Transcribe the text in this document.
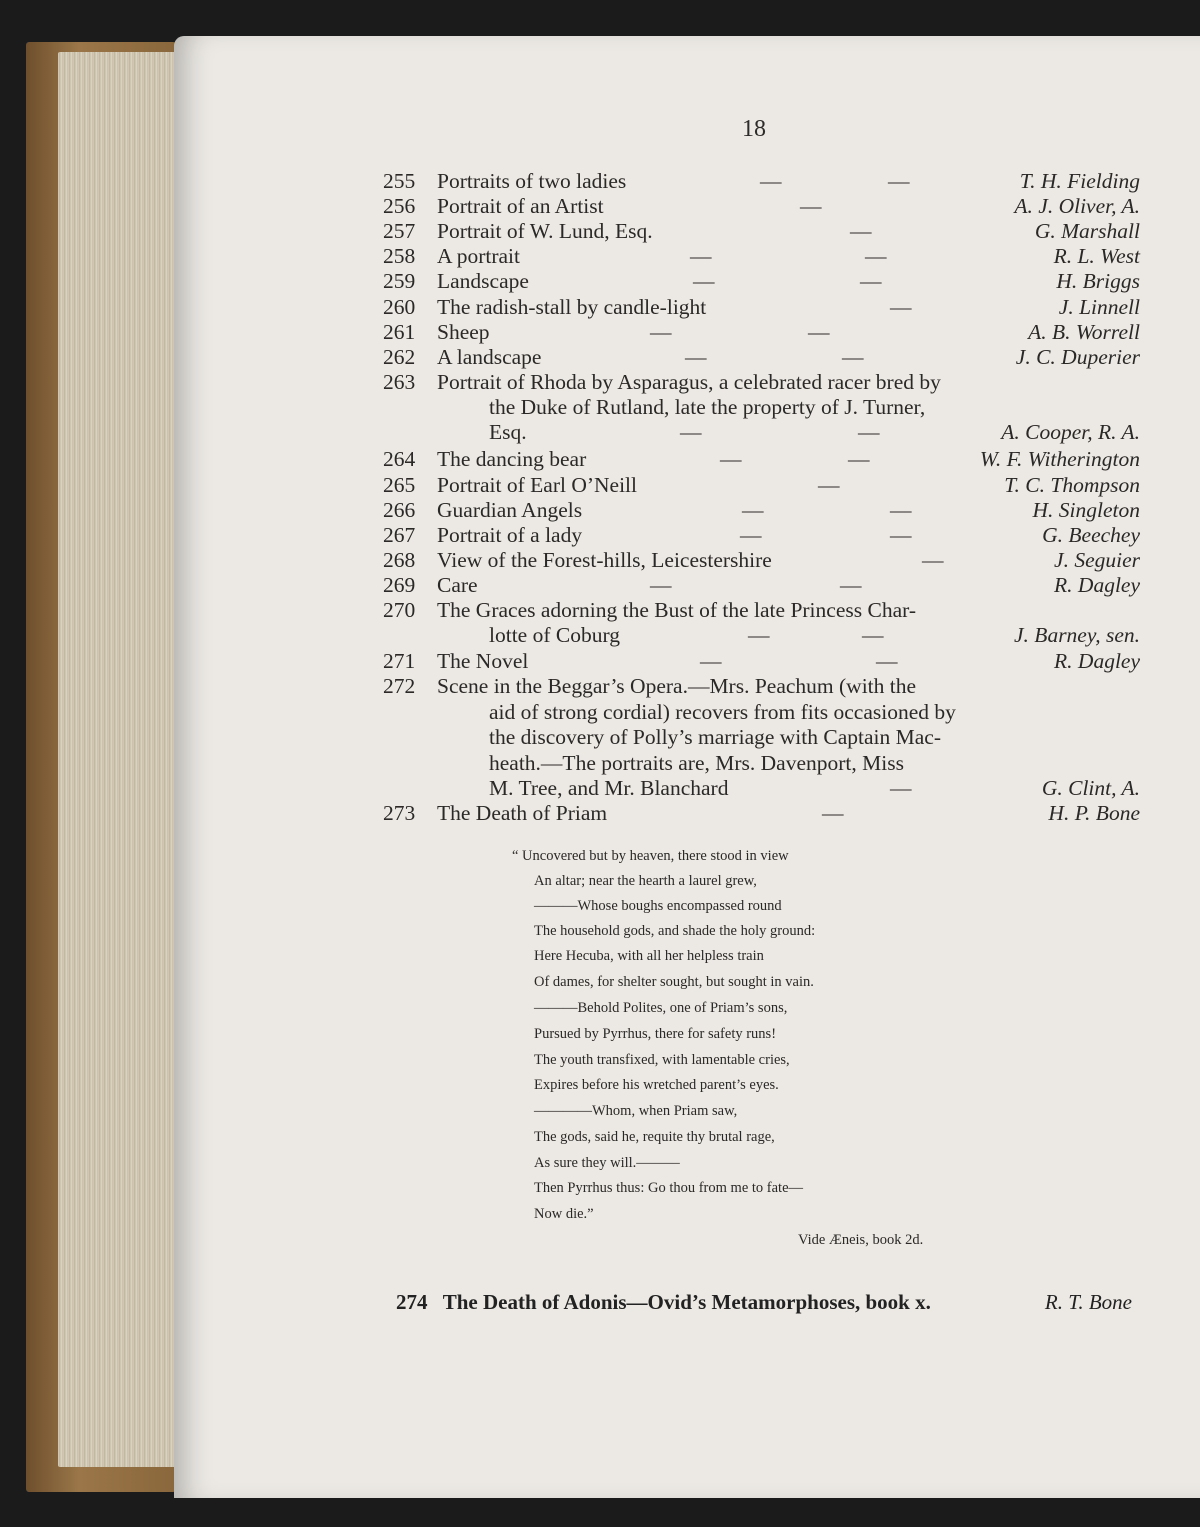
18
255 Portraits of two ladies	—	—	T. H. Fielding
256 Portrait of an Artist	—	A. J. Oliver, A.
257 Portrait of W. Lund, Esq.	—	G. Marshall
258 A portrait	—	—	R. L. West
259 Landscape	—	—	H. Briggs
260 The radish-stall by candle-light	—	J. Linnell
261 Sheep	—	—	A. B. Worrell
262 A landscape	—	—	J. C. Duperier
263 Portrait of Rhoda by Asparagus, a celebrated racer bred by
the Duke of Rutland, late the property of J. Turner,
Esq.	—	—	A. Cooper, R. A.
264 The dancing bear	—	—	W. F. Witherington
265 Portrait of Earl O’Neill	—	T. C. Thompson
266 Guardian Angels	—	—	H. Singleton
267 Portrait of a lady	—	—	G. Beechey
268 View of the Forest-hills, Leicestershire	—	J. Seguier
269 Care	—	—	R. Dagley
270 The Graces adorning the Bust of the late Princess Char-
lotte of Coburg	—	—	J. Barney, sen.
271 The Novel	—	—	R. Dagley
272 Scene in the Beggar’s Opera.—Mrs. Peachum (with the
aid of strong cordial) recovers from fits occasioned by
the discovery of Polly’s marriage with Captain Mac-
heath.—The portraits are, Mrs. Davenport, Miss
M. Tree, and Mr. Blanchard	—	G. Clint, A.
273 The Death of Priam	—	H. P. Bone
“ Uncovered but by heaven, there stood in view
An altar; near the hearth a laurel grew,
———Whose boughs encompassed round
The household gods, and shade the holy ground:
Here Hecuba, with all her helpless train
Of dames, for shelter sought, but sought in vain.
———Behold Polites, one of Priam’s sons,
Pursued by Pyrrhus, there for safety runs!
The youth transfixed, with lamentable cries,
Expires before his wretched parent’s eyes.
————Whom, when Priam saw,
The gods, said he, requite thy brutal rage,
As sure they will.———
Then Pyrrhus thus: Go thou from me to fate—
Now die.”
Vide Æneis, book 2d.
274 The Death of Adonis—Ovid’s Metamorphoses, book x.	R. T. Bone
